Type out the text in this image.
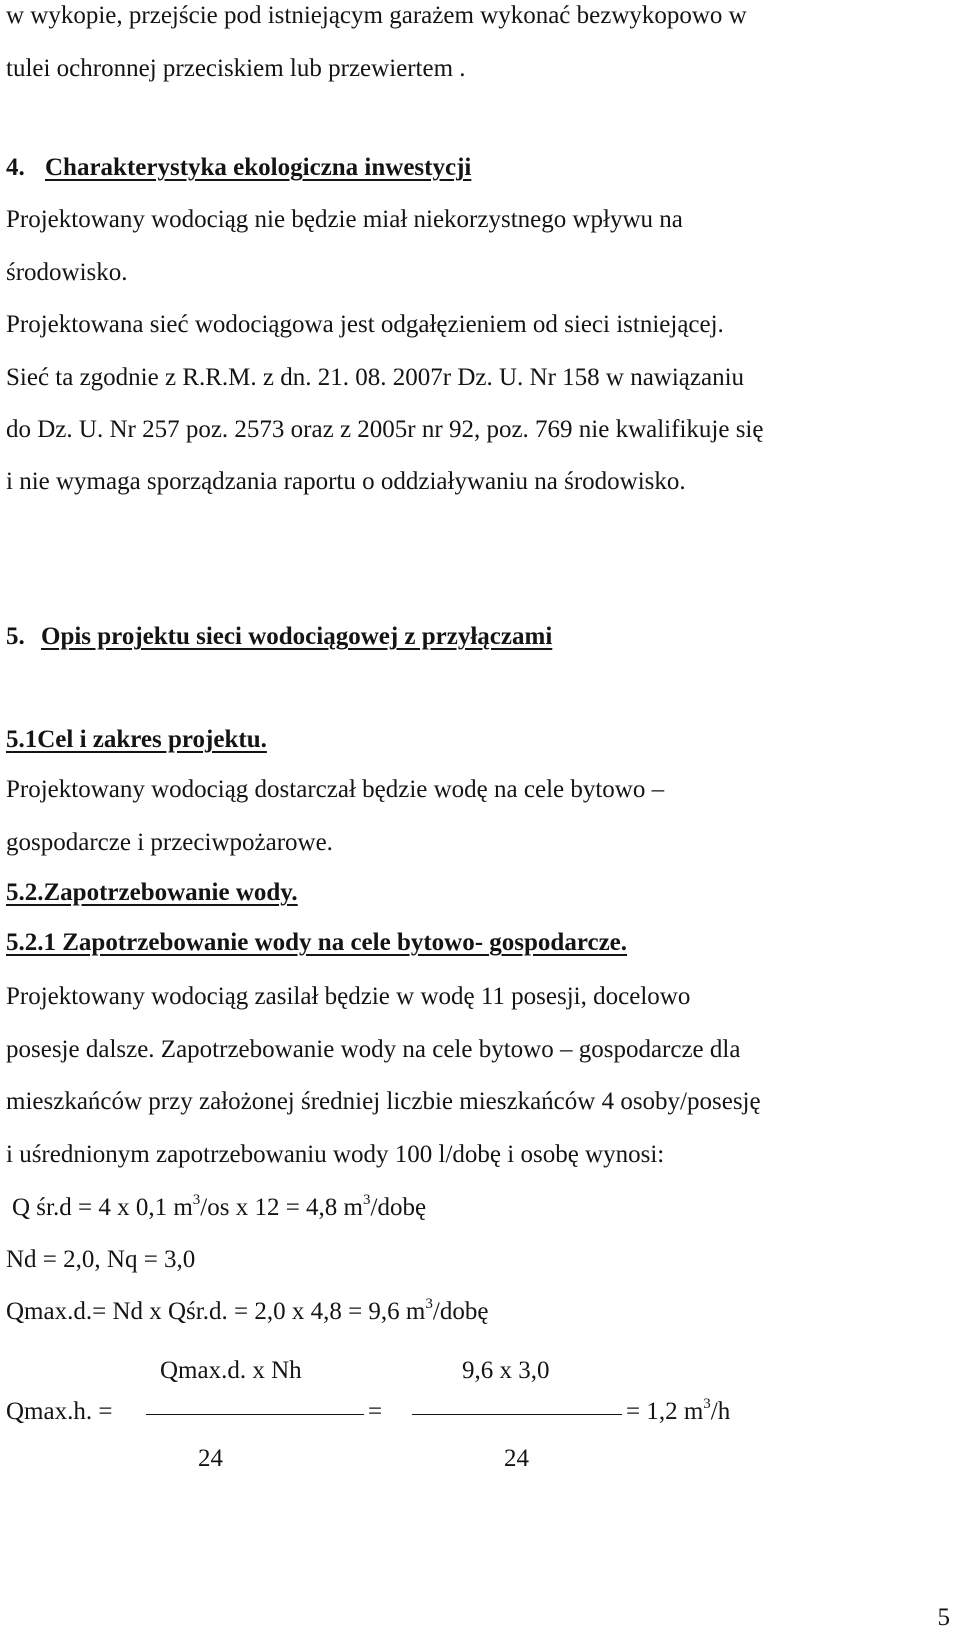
w wykopie, przejście pod istniejącym garażem wykonać bezwykopowo w
tulei ochronnej przeciskiem lub przewiertem .
4. Charakterystyka ekologiczna inwestycji
Projektowany wodociąg nie będzie miał niekorzystnego wpływu na
środowisko.
Projektowana sieć wodociągowa jest odgałęzieniem od sieci istniejącej.
Sieć ta zgodnie z R.R.M. z dn. 21. 08. 2007r Dz. U. Nr 158 w nawiązaniu
do Dz. U. Nr 257 poz. 2573 oraz z 2005r nr 92, poz. 769 nie kwalifikuje się
i nie wymaga sporządzania raportu o oddziaływaniu na środowisko.
5. Opis projektu sieci wodociągowej z przyłączami
5.1Cel i zakres projektu.
Projektowany wodociąg dostarczał będzie wodę na cele bytowo –
gospodarcze i przeciwpożarowe.
5.2.Zapotrzebowanie wody.
5.2.1 Zapotrzebowanie wody na cele bytowo- gospodarcze.
Projektowany wodociąg zasilał będzie w wodę 11 posesji, docelowo
posesje dalsze. Zapotrzebowanie wody na cele bytowo – gospodarcze dla
mieszkańców przy założonej średniej liczbie mieszkańców 4 osoby/posesję
i uśrednionym zapotrzebowaniu wody 100 l/dobę i osobę wynosi:
Q śr.d = 4 x 0,1 $m^3/os$ x 12 = 4,8 $m^3$/dobę
Nd = 2,0, Nq = 3,0
Qmax.d.= Nd x Qśr.d. = 2,0 x 4,8 = 9,6 $m^3$/dobę
Qmax.d. x Nh	9,6 x 3,0
Qmax.h. =	=	= 1,2 $m^3/h$
24	24
5
